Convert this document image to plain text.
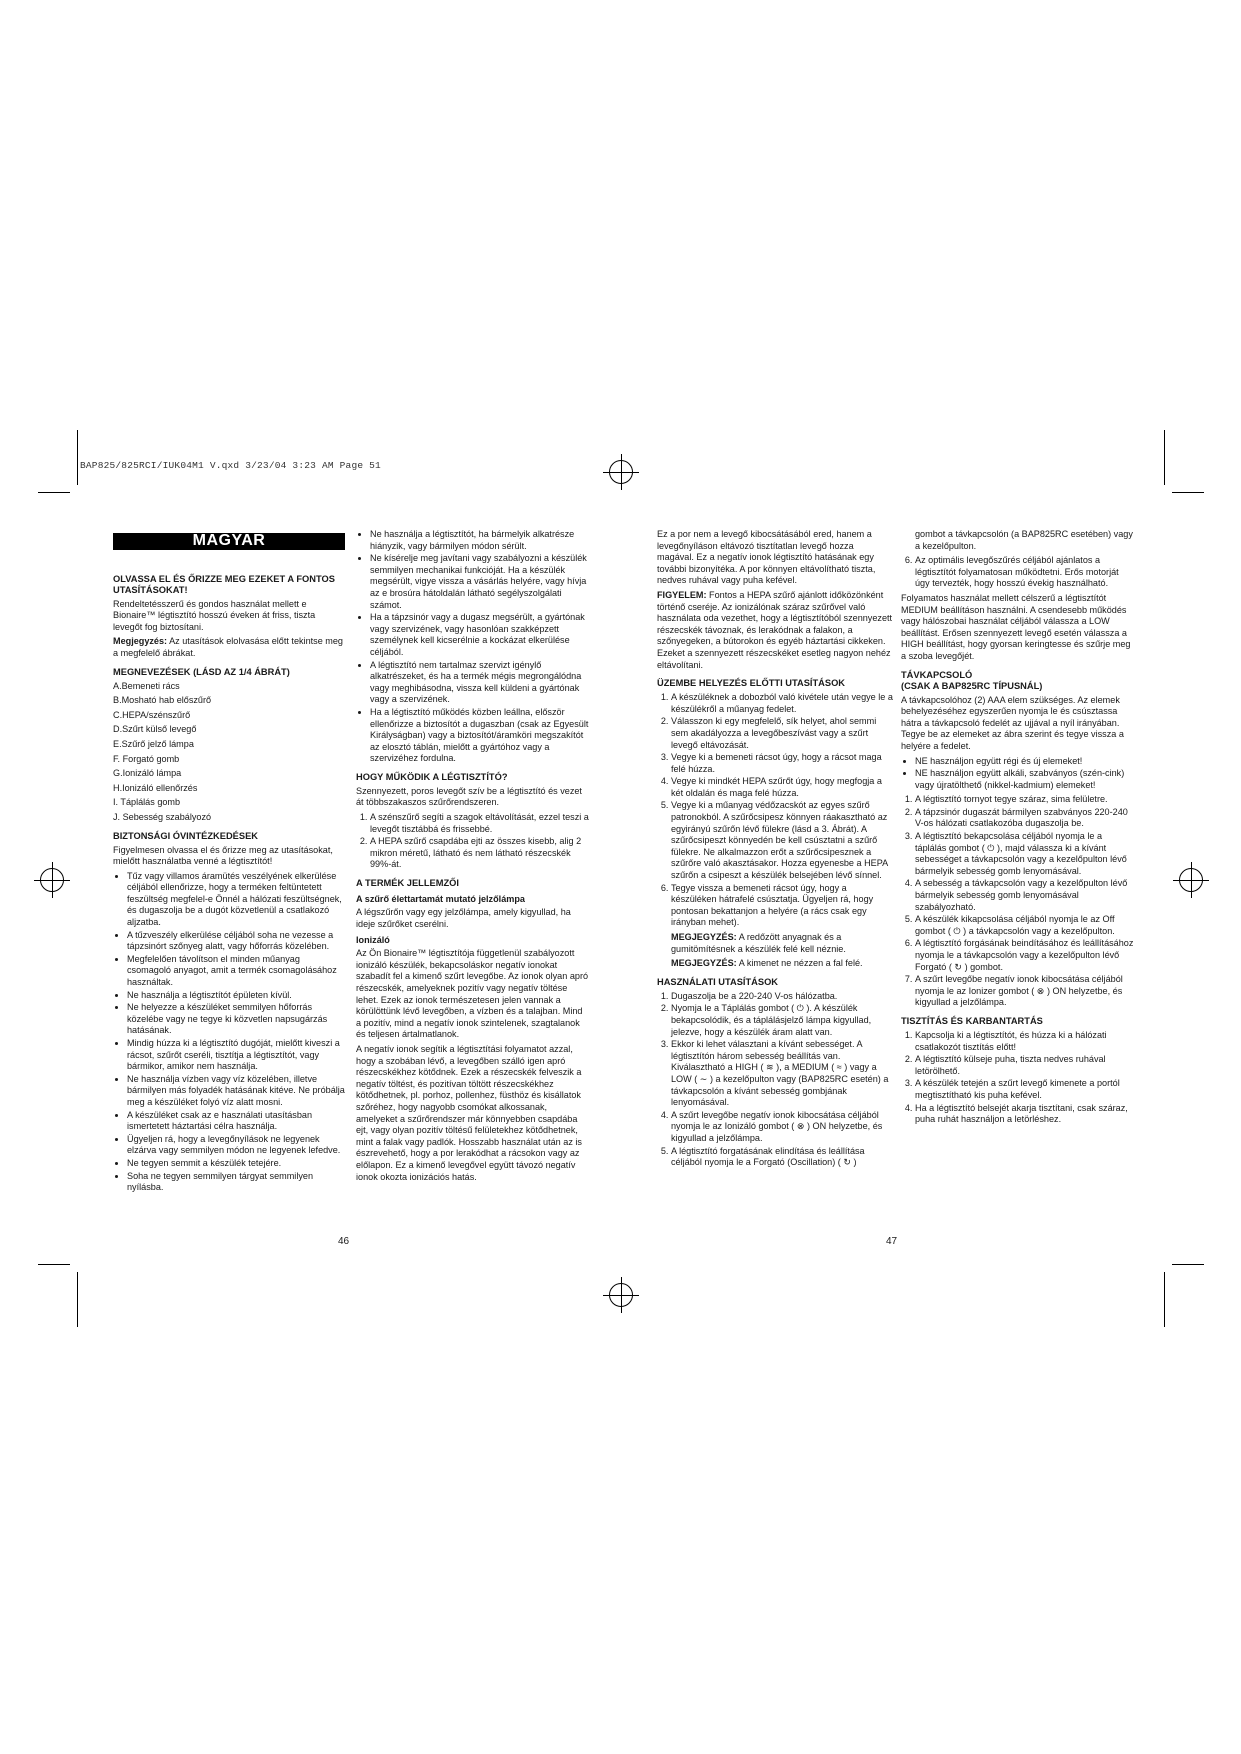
BAP825/825RCI/IUK04M1 V.qxd 3/23/04 3:23 AM Page 51
MAGYAR
OLVASSA EL ÉS ŐRIZZE MEG EZEKET A FONTOS UTASÍTÁSOKAT!

Rendeltetésszerű és gondos használat mellett e Bionaire™ légtisztító hosszú éveken át friss, tiszta levegőt fog biztosítani.

Megjegyzés: Az utasítások elolvasása előtt tekintse meg a megfelelő ábrákat.

MEGNEVEZÉSEK (LÁSD AZ 1/4 ÁBRÁT)
A.Bemeneti rács
B.Mosható hab előszűrő
C.HEPA/szénszűrő
D.Szűrt külső levegő
E.Szűrő jelző lámpa
F. Forgató gomb
G.Ionizáló lámpa
H.Ionizáló ellenőrzés
I. Táplálás gomb
J. Sebesség szabályozó
BIZTONSÁGI ÓVINTÉZKEDÉSEK

Figyelmesen olvassa el és őrizze meg az utasításokat, mielőtt használatba venné a légtisztítót!

• Tűz vagy villamos áramütés veszélyének elkerülése céljából ellenőrizze, hogy a terméken feltüntetett feszültség megfelel-e Önnél a hálózati feszültségnek, és dugaszolja be a dugót közvetlenül a csatlakozó aljzatba.
• A tűzveszély elkerülése céljából soha ne vezesse a tápzsinórt szőnyeg alatt, vagy hőforrás közelében.
• Megfelelően távolítson el minden műanyag csomagoló anyagot, amit a termék csomagolásához használtak.
• Ne használja a légtisztítót épületen kívül.
• Ne helyezze a készüléket semmilyen hőforrás közelébe vagy ne tegye ki közvetlen napsugárzás hatásának.
• Mindig húzza ki a légtisztító dugóját, mielőtt kiveszi a rácsot, szűrőt cseréli, tisztítja a légtisztítót, vagy bármikor, amikor nem használja.
• Ne használja vízben vagy víz közelében, illetve bármilyen más folyadék hatásának kitéve. Ne próbálja meg a készüléket folyó víz alatt mosni.
• A készüléket csak az e használati utasításban ismertetett háztartási célra használja.
• Ügyeljen rá, hogy a levegőnyílások ne legyenek elzárva vagy semmilyen módon ne legyenek lefedve.
• Ne tegyen semmit a készülék tetejére.
• Soha ne tegyen semmilyen tárgyat semmilyen nyílásba.
• Ne használja a légtisztítót, ha bármelyik alkatrésze hiányzik, vagy bármilyen módon sérült.
• Ne kísérelje meg javítani vagy szabályozni a készülék semmilyen mechanikai funkcióját. Ha a készülék megsérült, vigye vissza a vásárlás helyére, vagy hívja az e brosúra hátoldalán látható segélyszolgálati számot.
• Ha a tápzsinór vagy a dugasz megsérült, a gyártónak vagy szervizének, vagy hasonlóan szakképzett személynek kell kicserélnie a kockázat elkerülése céljából.
• A légtisztító nem tartalmaz szervizt igénylő alkatrészeket, és ha a termék mégis megrongálódna vagy meghibásodna, vissza kell küldeni a gyártónak vagy a szervizének.
• Ha a légtisztító működés közben leállna, először ellenőrizze a biztosítót a dugaszban (csak az Egyesült Királyságban) vagy a biztosítót/áramköri megszakítót az elosztó táblán, mielőtt a gyártóhoz vagy a szervizéhez fordulna.
HOGY MŰKÖDIK A LÉGTISZTÍTÓ?

Szennyezett, poros levegőt szív be a légtisztító és vezet át többszakaszos szűrőrendszeren.

1. A szénszűrő segíti a szagok eltávolítását, ezzel teszi a levegőt tisztábbá és frissebbé.
2. A HEPA szűrő csapdába ejti az összes kisebb, alig 2 mikron méretű, látható és nem látható részecskék 99%-át.
A TERMÉK JELLEMZŐI
A szűrő élettartamát mutató jelzőlámpa

A légszűrőn vagy egy jelzőlámpa, amely kigyullad, ha ideje szűrőket cserélni.

Ionizáló

Az Ön Bionaire™ légtisztítója függetlenül szabályozott ionizáló készülék, bekapcsoláskor negatív ionokat szabadít fel a kimenő szűrt levegőbe. Az ionok olyan apró részecskék, amelyeknek pozitív vagy negatív töltése lehet. Ezek az ionok természetesen jelen vannak a körülöttünk lévő levegőben, a vízben és a talajban. Mind a pozitív, mind a negatív ionok szintelenek, szagtalanok és teljesen ártalmatlanok.

A negatív ionok segítik a légtisztítási folyamatot azzal, hogy a szobában lévő, a levegőben szálló igen apró részecskékhez kötődnek. Ezek a részecskék felveszik a negatív töltést, és pozitívan töltött részecskékhez kötődhetnek, pl. porhoz, pollenhez, füsthöz és kisállatok szőréhez, hogy nagyobb csomókat alkossanak, amelyeket a szűrőrendszer már könnyebben csapdába ejt, vagy olyan pozitív töltésű felületekhez kötődhetnek, mint a falak vagy padlók. Hosszabb használat után az is észrevehető, hogy a por lerakódhat a rácsokon vagy az előlapon. Ez a kimenő levegővel együtt távozó negatív ionok okozta ionizációs hatás.

Ez a por nem a levegő kibocsátásából ered, hanem a levegőnyíláson eltávozó tisztítatlan levegő hozza magával. Ez a negatív ionok légtisztító hatásának egy további bizonyítéka. A por könnyen eltávolítható tiszta, nedves ruhával vagy puha kefével.

FIGYELEM: Fontos a HEPA szűrő ajánlott időközönként történő cseréje. Az ionizálónak száraz szűrővel való használata oda vezethet, hogy a légtisztítóból szennyezett részecskék távoznak, és lerakódnak a falakon, a szőnyegeken, a bútorokon és egyéb háztartási cikkeken. Ezeket a szennyezett részecskéket esetleg nagyon nehéz eltávolítani.

ÜZEMBE HELYEZÉS ELŐTTI UTASÍTÁSOK
1. A készüléknek a dobozból való kivétele után vegye le a készülékről a műanyag fedelet.
2. Válasszon ki egy megfelelő, sík helyet, ahol semmi sem akadályozza a levegőbeszívást vagy a szűrt levegő eltávozását.
3. Vegye ki a bemeneti rácsot úgy, hogy a rácsot maga felé húzza.
4. Vegye ki mindkét HEPA szűrőt úgy, hogy megfogja a két oldalán és maga felé húzza.
5. Vegye ki a műanyag védőzacskót az egyes szűrő patronokból. A szűrőcsipesz könnyen ráakasztható az egyirányú szűrőn lévő fülekre (lásd a 3. Ábrát). A szűrőcsipeszt könnyedén be kell csúsztatni a szűrő fülekre. Ne alkalmazzon erőt a szűrőcsipesznek a szűrőre való akasztásakor. Hozza egyenesbe a HEPA szűrőn a csipeszt a készülék belsejében lévő sínnel.
6. Tegye vissza a bemeneti rácsot úgy, hogy a készüléken hátrafelé csúsztatja. Ügyeljen rá, hogy pontosan bekattanjon a helyére (a rács csak egy irányban mehet).

MEGJEGYZÉS: A redőzött anyagnak és a gumitömítésnek a készülék felé kell néznie.

MEGJEGYZÉS: A kimenet ne nézzen a fal felé.

HASZNÁLATI UTASÍTÁSOK
1. Dugaszolja be a 220-240 V-os hálózatba.
2. Nyomja le a Táplálás gombot ( ⏻ ). A készülék bekapcsolódik, és a táplálásjelző lámpa kigyullad, jelezve, hogy a készülék áram alatt van.
3. Ekkor ki lehet választani a kívánt sebességet. A légtisztítón három sebesség beállítás van. Kiválasztható a HIGH ( ≋ ), a MEDIUM ( ≈ ) vagy a LOW ( ∼ ) a kezelőpulton vagy (BAP825RC esetén) a távkapcsolón a kívánt sebesség gombjának lenyomásával.
4. A szűrt levegőbe negatív ionok kibocsátása céljából nyomja le az Ionizáló gombot ( ⊗ ) ON helyzetbe, és kigyullad a jelzőlámpa.
5. A légtisztító forgatásának elindítása és leállítása céljából nyomja le a Forgató (Oscillation) ( ↻ )

gombot a távkapcsolón (a BAP825RC esetében) vagy a kezelőpulton.

6. Az optimális levegőszűrés céljából ajánlatos a légtisztítót folyamatosan működtetni. Erős motorját úgy tervezték, hogy hosszú évekig használható.

Folyamatos használat mellett célszerű a légtisztítót MEDIUM beállításon használni. A csendesebb működés vagy hálószobai használat céljából válassza a LOW beállítást. Erősen szennyezett levegő esetén válassza a HIGH beállítást, hogy gyorsan keringtesse és szűrje meg a szoba levegőjét.

TÁVKAPCSOLÓ
(CSAK A BAP825RC TÍPUSNÁL)

A távkapcsolóhoz (2) AAA elem szükséges. Az elemek behelyezéséhez egyszerűen nyomja le és csúsztassa hátra a távkapcsoló fedelét az ujjával a nyíl irányában. Tegye be az elemeket az ábra szerint és tegye vissza a helyére a fedelet.

• NE használjon együtt régi és új elemeket!
• NE használjon együtt alkáli, szabványos (szén-cink) vagy újratölthető (nikkel-kadmium) elemeket!
1. A légtisztító tornyot tegye száraz, sima felületre.
2. A tápzsinór dugaszát bármilyen szabványos 220-240 V-os hálózati csatlakozóba dugaszolja be.
3. A légtisztító bekapcsolása céljából nyomja le a táplálás gombot ( ⏻ ), majd válassza ki a kívánt sebességet a távkapcsolón vagy a kezelőpulton lévő bármelyik sebesség gomb lenyomásával.
4. A sebesség a távkapcsolón vagy a kezelőpulton lévő bármelyik sebesség gomb lenyomásával szabályozható.
5. A készülék kikapcsolása céljából nyomja le az Off gombot ( ⏻ ) a távkapcsolón vagy a kezelőpulton.
6. A légtisztító forgásának beindításához és leállításához nyomja le a távkapcsolón vagy a kezelőpulton lévő Forgató ( ↻ ) gombot.
7. A szűrt levegőbe negatív ionok kibocsátása céljából nyomja le az Ionizer gombot ( ⊗ ) ON helyzetbe, és kigyullad a jelzőlámpa.
TISZTÍTÁS ÉS KARBANTARTÁS
1. Kapcsolja ki a légtisztítót, és húzza ki a hálózati csatlakozót tisztítás előtt!
2. A légtisztító külseje puha, tiszta nedves ruhával letörölhető.
3. A készülék tetején a szűrt levegő kimenete a portól megtisztítható kis puha kefével.
4. Ha a légtisztító belsejét akarja tisztítani, csak száraz, puha ruhát használjon a letörléshez.
46	47
